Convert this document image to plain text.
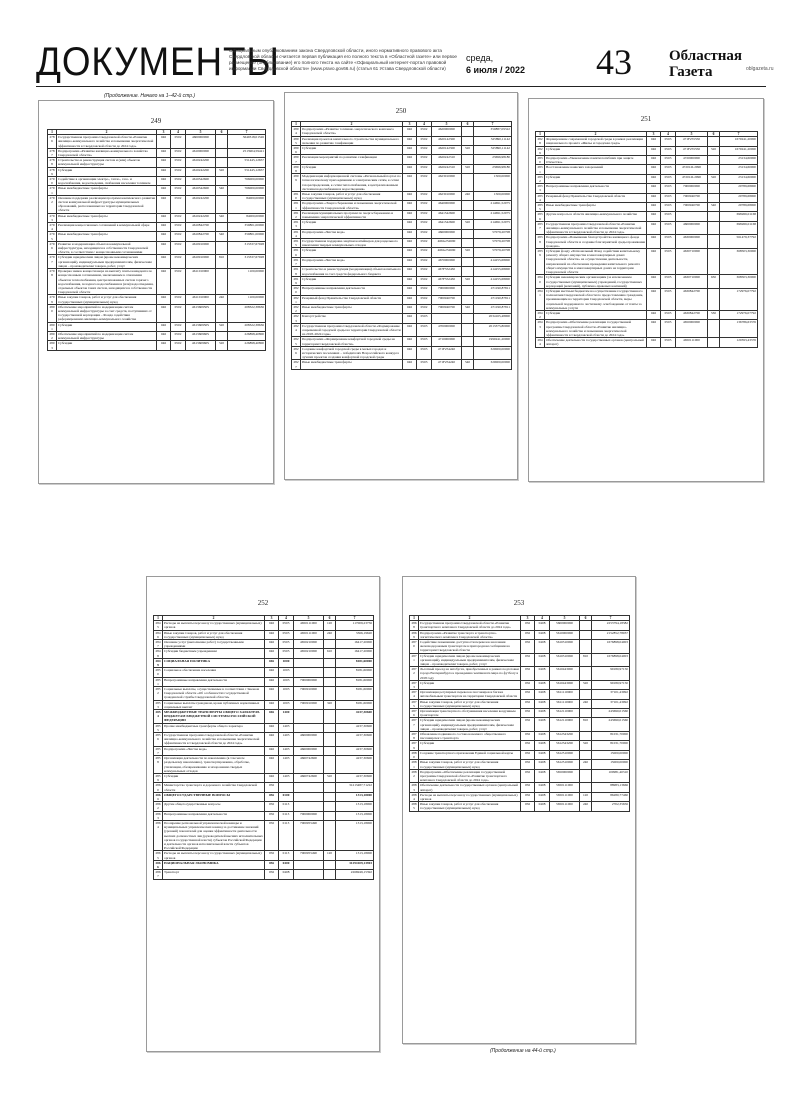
ДОКУМЕНТЫ
Официальным опубликованием закона Свердловской области, иного нормативного правового акта Свердловской области считается первая публикация его полного текста в «Областной газете» или первое размещение (опубликование) его полного текста на сайте «Официальный интернет-портал правовой информации Свердловской области» (www.pravo.gov66.ru) (статья 61 Устава Свердловской области)
среда,
6 июля / 2022	43 Областная Газета	oblgazeta.ru
(Продолжение. Начало на 1–42-й стр.)
249
1	2	3	4	5	6	7
2786	Государственная программа Свердловской области «Развитие жилищно-коммунального хозяйства и повышение энергетической эффективности в Свердловской области до 2024 года»	046	0502	4600000000		3649318,01526
2787	Подпрограмма «Развитие жилищно-коммунального хозяйства Свердловской области»	046	0502	4610000000		2513904,59421
2788	Строительство и реконструкция систем и (или) объектов коммунальной инфраструктуры	046	0502	4610242200		551445,12657
2789	Субсидии	046	0502	4610242200	520	551445,12657
2790	Содействие в организации электро-, тепло-, газо- и водоснабжения, водоотведения, снабжения населения топливом	046	0502	4610342600		766000,00000
2791	Иные межбюджетные трансферты	046	0502	4610342600	540	766000,00000
2792	Оказание поддержки реализации программ комплексного развития систем коммунальной инфраструктуры муниципальных образований, расположенных на территории Свердловской области	046	0502	4610242200		84000,00000
2793	Иные межбюджетные трансферты	046	0502	4610242200	540	84000,00000
2794	Реализация концессионных соглашений в коммунальной сфере	046	0502	4610842700		359801,00000
2795	Иные межбюджетные трансферты	046	0502	4610842700	540	359801,00000
2796	Развитие и модернизация объектов коммунальной инфраструктуры, находящихся в собственности Свердловской области, в соответствии с концессионными соглашениями	046	0502	4610910000		313337,67928
2797	Субсидии юридическим лицам (кроме некоммерческих организаций), индивидуальным предпринимателям, физическим лицам – производителям товаров, работ, услуг	046	0502	4610910000	810	313337,67928
2798	Проверка заявок концессионера на выплату платы концедента по концессионным соглашениям, заключенным в отношении объектов теплоснабжения, централизованных систем горячего водоснабжения, холодного водоснабжения и (или) водоотведения, отдельных объектов таких систем, находящихся в собственности Свердловской области	046	0502	4611010000		1100,00000
2799	Иные закупки товаров, работ и услуг для обеспечения государственных (муниципальных) нужд	046	0502	4611010000	240	1100,00000
2800	Обеспечение мероприятий по модернизации систем коммунальной инфраструктуры за счет средств, поступивших от государственной корпорации – Фонда содействия реформированию жилищно-коммунального хозяйства	046	0502	461360950S		208322,38636
2801	Субсидии	046	0502	461360950S	520	208322,38636
2802	Обеспечение мероприятий по модернизации систем коммунальной инфраструктуры	046	0502	461360960S		226898,40800
2803	Субсидии	046	0502	461360960S	520	226898,40800
250
1	2	3	4	5	6	7
2804	Подпрограмма «Развитие топливно-энергетического комплекса Свердловской области»	046	0502	4620000000		350887,09322
2805	Реализация проектов капитального строительства муниципального значения по развитию газификации	046	0502	4620142300		325890,11142
2806	Субсидии	046	0502	4620142300	520	325890,11142
2807	Реализация мероприятий по развитию газификации	046	0502	4620242310		23696,98180
2808	Субсидии	046	0502	4620242310	520	23696,98180
2809	Модернизация информационной системы «Региональный портал по технологическому присоединению к электрическим сетям, к сетям газораспределения, к сетям теплоснабжения, к централизованным системам водоснабжения и водоотведения»	046	0502	4623010000		1500,00000
2810	Иные закупки товаров, работ и услуг для обеспечения государственных (муниципальных) нужд	046	0502	4623010000	240	1500,00000
2811	Подпрограмма «Энергосбережение и повышение энергетической эффективности Свердловской области»	046	0502	4640000000		214691,52075
2812	Реализация муниципальных программ по энергосбережению и повышению энергетической эффективности	046	0502	4641342600		214691,52075
2813	Субсидии	046	0502	4641342600	520	214691,52075
2814	Подпрограмма «Чистая вода»	046	0502	4660000000		57079,20708
2815	Государственная поддержка закупки контейнеров для раздельного накопления твердых коммунальных отходов	046	0502	466G252690		57079,20708
2816	Субсидии	046	0502	466G252690	520	57079,20708
2817	Подпрограмма «Чистая вода»	046	0502	4670000000		414255,68000
2818	Строительство и реконструкция (модернизация) объектов питьевого водоснабжения за счет средств федерального бюджета	046	0502	467F552430		414255,68000
2819	Субсидии	046	0502	467F552430	520	414255,68000
2820	Непрограммные направления деятельности	046	0502	7000000000		471190,87811
2821	Резервный фонд Правительства Свердловской области	046	0502	7000940700		471190,87811
2822	Иные межбюджетные трансферты	046	0502	7000940700	540	471190,87811
2823	Благоустройство	046	0503			2034165,48900
2824	Государственная программа Свердловской области «Формирование современной городской среды на территории Свердловской области на 2018–2024 годы»	046	0503	4700000000		2013375,80000
2825	Подпрограмма «Формирование комфортной городской среды на территории Свердловской области»	046	0503	4710000000		1990241,20000
2826	Создание комфортной городской среды в малых городах и исторических поселениях – победителях Всероссийского конкурса лучших проектов создания комфортной городской среды	046	0503	471F254240		320000,00000
2827	Иные межбюджетные трансферты	046	0503	471F254240	540	320000,00000
251
1	2	3	4	5	6	7
2828	Формирование современной городской среды в рамках реализации национального проекта «Жилье и городская среда»	046	0503	471F255550		1670241,20000
2829	Субсидии	046	0503	471F255550	520	1670241,20000
2830	Подпрограмма «Увековечение памяти погибших при защите Отечества»	046	0503	4720000000		23134,60000
2831	Восстановление воинских захоронений	046	0503	472012L2990		23134,60000
2832	Субсидии	046	0503	472012L2990	520	23134,60000
2833	Непрограммные направления деятельности	046	0503	7000000000		20789,68900
2834	Резервный фонд Правительства Свердловской области	046	0503	7000940700		20789,68900
2835	Иные межбюджетные трансферты	046	0503	7000940700	540	20789,68900
2836	Другие вопросы в области жилищно-коммунального хозяйства	046	0505			698266,01168
2837	Государственная программа Свердловской области «Развитие жилищно-коммунального хозяйства и повышение энергетической эффективности в Свердловской области до 2024 года»	046	0505	4600000000		698266,01168
2838	Подпрограмма «Повышение благоустройства жилищного фонда Свердловской области и создание благоприятной среды проживания граждан»	046	0505	4630000000		561479,37792
2839	Субсидия фонду «Региональный Фонд содействия капитальному ремонту общего имущества в многоквартирных домах Свердловской области» на осуществление деятельности, направленной на обеспечение проведения капитального ремонта общего имущества в многоквартирных домах на территории Свердловской области	046	0505	4630710000		368503,30000
2840	Субсидии некоммерческим организациям (за исключением государственных (муниципальных) учреждений, государственных корпораций (компаний), публично-правовых компаний)	046	0505	4630710000	630	368503,30000
2841	Субсидия местным бюджетам на осуществление государственного полномочия Свердловской области по предоставлению гражданам, проживающим на территории Свердловской области, меры социальной поддержки по частичному освобождению от платы за коммунальные услуги	046	0505	4630842700		172976,07792
2842	Субсидии	046	0505	4630842700	530	172976,07792
2843	Подпрограмма «Обеспечение реализации государственной программы Свердловской области «Развитие жилищно-коммунального хозяйства и повышение энергетической эффективности в Свердловской области до 2024 года»	046	0505	4650000000		136786,63376
2844	Обеспечение деятельности государственных органов (центральный аппарат)	046	0505	4650111000		120393,43376
252
1	2	3	4	5	6	7
2845	Расходы на выплаты персоналу государственных (муниципальных) органов	046	0505	4650111000	120	117009,23756
2846	Иные закупки товаров, работ и услуг для обеспечения государственных (муниципальных) нужд	046	0505	4650111000	240	3366,19620
2847	Оказание услуг (выполнение работ) государственными учреждениями	046	0505	4650210000		16417,20000
2848	Субсидии бюджетным учреждениям	046	0505	4650210000	610	16417,20000
2849	СОЦИАЛЬНАЯ ПОЛИТИКА	046	1000			8181,60000
2850	Социальное обеспечение населения	046	1003			8181,60000
2851	Непрограммные направления деятельности	046	1003	7000000000		8181,60000
2852	Социальные выплаты, осуществляемые в соответствии с Законом Свердловской области «Об особенностях государственной гражданской службы Свердловской области»	046	1003	7000910000		8181,60000
2853	Социальные выплаты гражданам, кроме публичных нормативных социальных выплат	046	1003	7000910000	320	8181,60000
2854	МЕЖБЮДЖЕТНЫЕ ТРАНСФЕРТЫ ОБЩЕГО ХАРАКТЕРА БЮДЖЕТАМ БЮДЖЕТНОЙ СИСТЕМЫ РОССИЙСКОЙ ФЕДЕРАЦИИ	046	1400			4237,30600
2855	Прочие межбюджетные трансферты общего характера	046	1403			4237,30600
2856	Государственная программа Свердловской области «Развитие жилищно-коммунального хозяйства и повышение энергетической эффективности в Свердловской области до 2024 года»	046	1403	4600000000		4237,30600
2857	Подпрограмма «Чистая вода»	046	1403	4660000000		4237,30600
2858	Организация деятельности по накоплению (в том числе раздельному накоплению), транспортированию, обработке, утилизации, обезвреживанию и захоронению твердых коммунальных отходов	046	1403	4660742600		4237,30600
2859	Субсидии	046	1403	4660742600	520	4237,30600
2860	Министерство транспорта и дорожного хозяйства Свердловской области	056				31213487,71222
2861	ОБЩЕГОСУДАРСТВЕННЫЕ ВОПРОСЫ	056	0100			1313,18000
2862	Другие общегосударственные вопросы	056	0113			1313,18000
2863	Непрограммные направления деятельности	056	0113	7000000000		1313,18000
2864	Поощрение региональной управленческой команды и муниципальных управленческих команд за достижение значений (уровней) показателей для оценки эффективности деятельности высших должностных лиц (руководителей высших исполнительных органов государственной власти) субъектов Российской Федерации и деятельности органов исполнительной власти субъектов Российской Федерации	056	0113	7000955490		1313,18000
2865	Расходы на выплаты персоналу государственных (муниципальных) органов	056	0113	7000955490	120	1313,18000
2866	НАЦИОНАЛЬНАЯ ЭКОНОМИКА	056	0400			31294109,13903
2867	Транспорт	056	0408			2266949,15392
253
1	2	3	4	5	6	7
2868	Государственная программа Свердловской области «Развитие транспортного комплекса Свердловской области до 2024 года»	056	0408	5600000000		2253794,18382
2869	Подпрограмма «Развитие транспорта и транспортно-логистического комплекса Свердловской области»	056	0408	5610000000		2152852,78037
2870	Содействие повышению доступности перевозок населения железнодорожным транспортом в пригородном сообщении на территории Свердловской области	056	0408	5610310000		1676898,04003
2871	Субсидии юридическим лицам (кроме некоммерческих организаций), индивидуальным предпринимателям, физическим лицам – производителям товаров, работ, услуг	056	0408	5610310000	810	1676898,04003
2872	Льготный проезд на автобусах, приобретенных в рамках подготовки города Екатеринбурга к проведению чемпионата мира по футболу в 2018 году	056	0408	5610443000		99180,97150
2873	Субсидии	056	0408	5610443000	520	99180,97150
2874	Организация регулярных перевозок пассажиров и багажа автомобильным транспортом на территории Свердловской области	056	0408	5611110000		37101,43992
2875	Иные закупки товаров, работ и услуг для обеспечения государственных (муниципальных) нужд	056	0408	5611110000	240	37101,43992
2876	Организация транспортного обслуживания населения воздушным транспортом	056	0408	5612110000		243690,01560
2877	Субсидии юридическим лицам (кроме некоммерческих организаций), индивидуальным предпринимателям, физическим лицам – производителям товаров, работ, услуг	056	0408	5612110000	810	243690,01560
2878	Обновление подвижного состава наземного общественного пассажирского транспорта	056	0408	5612343200		81031,70000
2879	Субсидии	056	0408	5612343200	520	81031,70000
2880	Создание транспортного приложения Единой социальной карты	056	0408	5612510000		15000,00000
2881	Иные закупки товаров, работ и услуг для обеспечения государственных (муниципальных) нужд	056	0408	5612510000	240	15000,00000
2882	Подпрограмма «Обеспечение реализации государственной программы Свердловской области «Развитие транспортного комплекса Свердловской области до 2024 года»	056	0408	5650000000		100981,40310
2883	Обеспечение деятельности государственных органов (центральный аппарат)	056	0408	5650111000		88983,13666
2884	Расходы на выплаты персоналу государственных (муниципальных) органов	056	0408	5650111000	120	86280,77460
2885	Иные закупки товаров, работ и услуг для обеспечения государственных (муниципальных) нужд	056	0408	5650111000	240	2702,35656
(Продолжение на 44-й стр.)
